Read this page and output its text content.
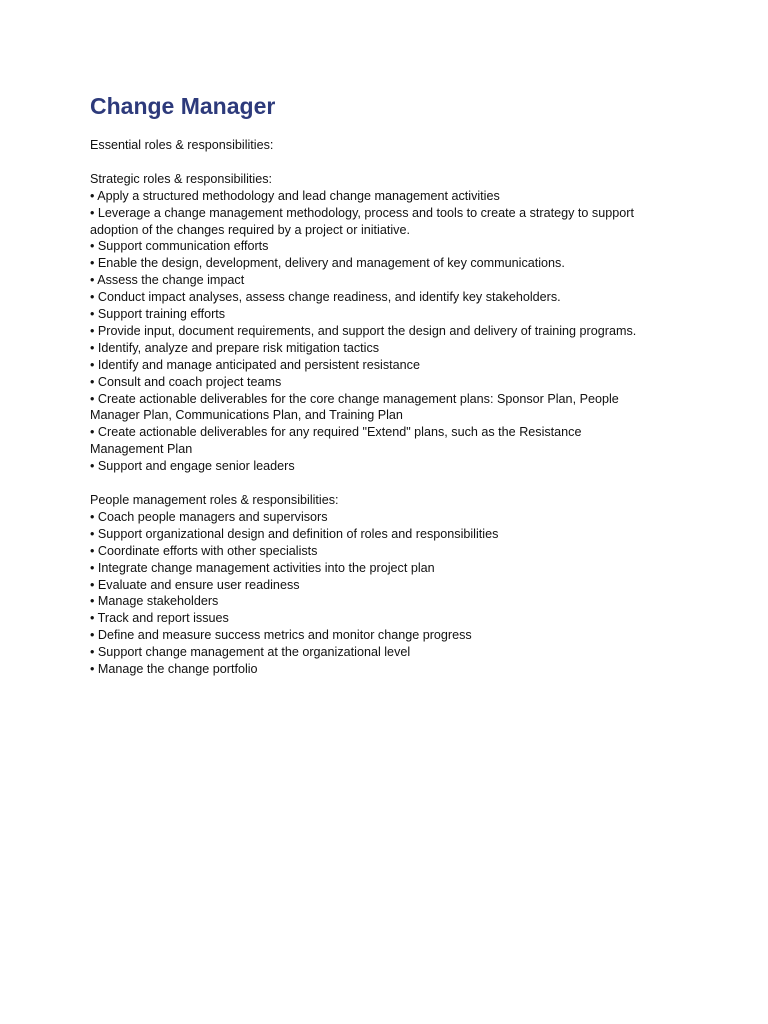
Change Manager
Essential roles & responsibilities:
Strategic roles & responsibilities:
• Apply a structured methodology and lead change management activities
• Leverage a change management methodology, process and tools to create a strategy to support
adoption of the changes required by a project or initiative.
• Support communication efforts
• Enable the design, development, delivery and management of key communications.
• Assess the change impact
• Conduct impact analyses, assess change readiness, and identify key stakeholders.
• Support training efforts
• Provide input, document requirements, and support the design and delivery of training programs.
• Identify, analyze and prepare risk mitigation tactics
• Identify and manage anticipated and persistent resistance
• Consult and coach project teams
• Create actionable deliverables for the core change management plans: Sponsor Plan, People
Manager Plan, Communications Plan, and Training Plan
• Create actionable deliverables for any required "Extend" plans, such as the Resistance
Management Plan
• Support and engage senior leaders
People management roles & responsibilities:
• Coach people managers and supervisors
• Support organizational design and definition of roles and responsibilities
• Coordinate efforts with other specialists
• Integrate change management activities into the project plan
• Evaluate and ensure user readiness
• Manage stakeholders
• Track and report issues
• Define and measure success metrics and monitor change progress
• Support change management at the organizational level
• Manage the change portfolio
